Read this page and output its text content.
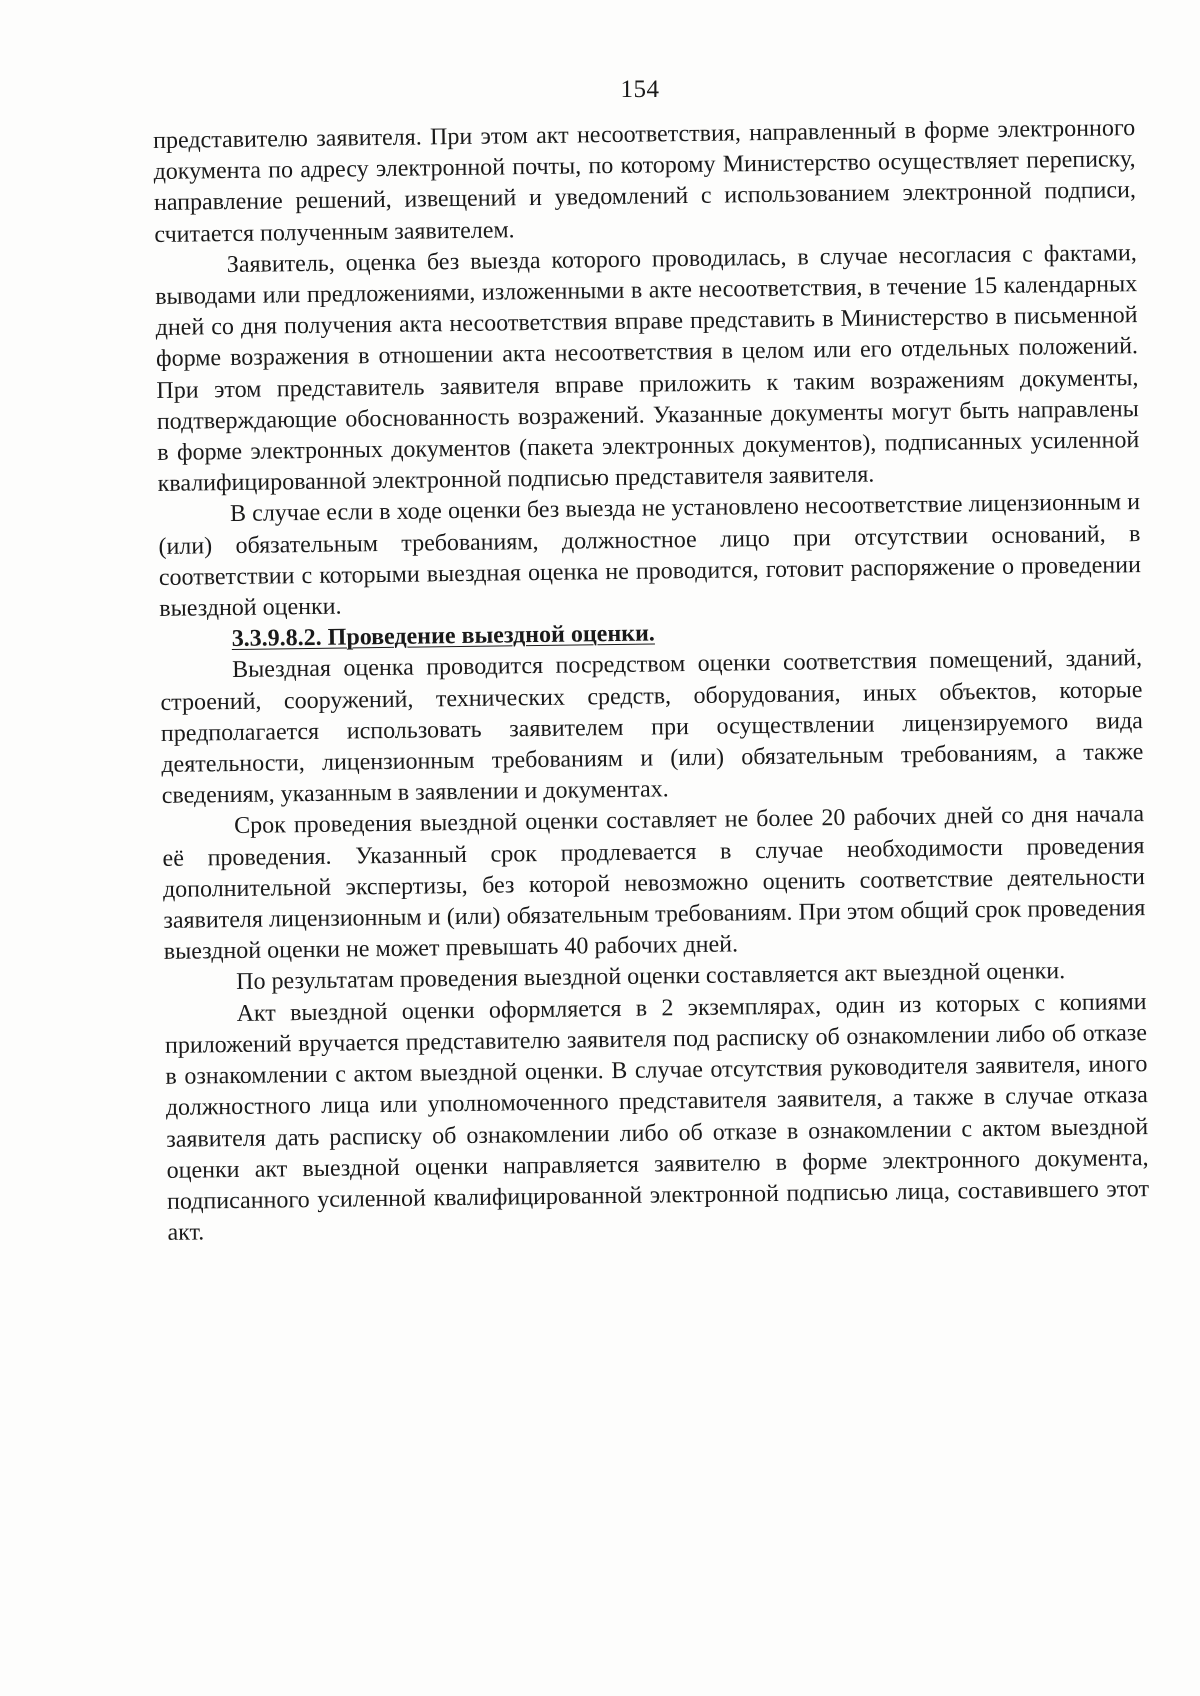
154

представителю заявителя. При этом акт несоответствия, направленный в форме электронного документа по адресу электронной почты, по которому Министерство осуществляет переписку, направление решений, извещений и уведомлений с использованием электронной подписи, считается полученным заявителем.

Заявитель, оценка без выезда которого проводилась, в случае несогласия с фактами, выводами или предложениями, изложенными в акте несоответствия, в течение 15 календарных дней со дня получения акта несоответствия вправе представить в Министерство в письменной форме возражения в отношении акта несоответствия в целом или его отдельных положений. При этом представитель заявителя вправе приложить к таким возражениям документы, подтверждающие обоснованность возражений. Указанные документы могут быть направлены в форме электронных документов (пакета электронных документов), подписанных усиленной квалифицированной электронной подписью представителя заявителя.

В случае если в ходе оценки без выезда не установлено несоответствие лицензионным и (или) обязательным требованиям, должностное лицо при отсутствии оснований, в соответствии с которыми выездная оценка не проводится, готовит распоряжение о проведении выездной оценки.

3.3.9.8.2. Проведение выездной оценки.

Выездная оценка проводится посредством оценки соответствия помещений, зданий, строений, сооружений, технических средств, оборудования, иных объектов, которые предполагается использовать заявителем при осуществлении лицензируемого вида деятельности, лицензионным требованиям и (или) обязательным требованиям, а также сведениям, указанным в заявлении и документах.

Срок проведения выездной оценки составляет не более 20 рабочих дней со дня начала её проведения. Указанный срок продлевается в случае необходимости проведения дополнительной экспертизы, без которой невозможно оценить соответствие деятельности заявителя лицензионным и (или) обязательным требованиям. При этом общий срок проведения выездной оценки не может превышать 40 рабочих дней.

По результатам проведения выездной оценки составляется акт выездной оценки.

Акт выездной оценки оформляется в 2 экземплярах, один из которых с копиями приложений вручается представителю заявителя под расписку об ознакомлении либо об отказе в ознакомлении с актом выездной оценки. В случае отсутствия руководителя заявителя, иного должностного лица или уполномоченного представителя заявителя, а также в случае отказа заявителя дать расписку об ознакомлении либо об отказе в ознакомлении с актом выездной оценки акт выездной оценки направляется заявителю в форме электронного документа, подписанного усиленной квалифицированной электронной подписью лица, составившего этот акт.
